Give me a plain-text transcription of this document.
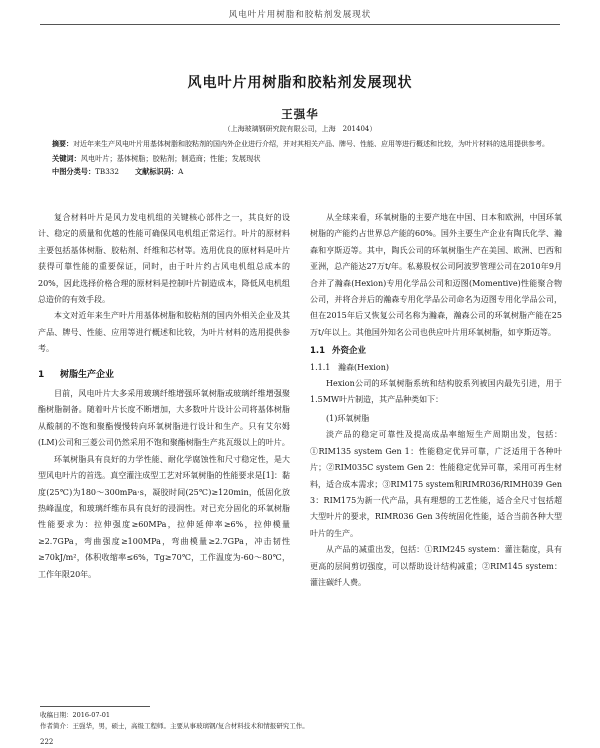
风电叶片用树脂和胶粘剂发展现状
风电叶片用树脂和胶粘剂发展现状
王强华
（上海玻璃钢研究院有限公司，上海　201404）

摘要：对近年来生产风电叶片用基体树脂和胶粘剂的国内外企业进行介绍，并对其相关产品、牌号、性能、应用等进行概述和比较，为叶片材料的选用提供参考。

关键词：风电叶片；基体树脂；胶粘剂；制造商；性能；发展现状

中图分类号：TB332 文献标识码：A

复合材料叶片是风力发电机组的关键核心部件之一，其良好的设计、稳定的质量和优越的性能可确保风电机组正常运行。叶片的原材料主要包括基体树脂、胶粘剂、纤维和芯材等。选用优良的原材料是叶片获得可靠性能的重要保证，同时，由于叶片约占风电机组总成本的20%，因此选择价格合理的原材料是控制叶片制造成本，降低风电机组总造价的有效手段。

本文对近年来生产叶片用基体树脂和胶粘剂的国内外相关企业及其产品、牌号、性能、应用等进行概述和比较，为叶片材料的选用提供参考。

1 树脂生产企业

目前，风电叶片大多采用玻璃纤维增强环氧树脂或玻璃纤维增强聚酯树脂制备。随着叶片长度不断增加，大多数叶片设计公司将基体树脂从酸制的不饱和聚酯慢慢转向环氧树脂进行设计和生产。只有艾尔姆(LM)公司和三菱公司仍然采用不饱和聚酯树脂生产兆瓦级以上的叶片。

环氧树脂具有良好的力学性能、耐化学腐蚀性和尺寸稳定性，是大型风电叶片的首选。真空灌注成型工艺对环氧树脂的性能要求是[1]：黏度(25℃)为180～300mPa·s，凝胶时间(25℃)≥120min，低固化放热峰温度，和玻璃纤维布具有良好的浸润性。对已充分固化的环氧树脂性能要求为：拉伸强度≥60MPa，拉伸延伸率≥6%，拉伸模量≥2.7GPa，弯曲强度≥100MPa，弯曲模量≥2.7GPa，冲击韧性≥70kJ/m²，体积收缩率≤6%，Tg≥70℃，工作温度为-60～80℃，工作年限20年。

从全球来看，环氧树脂的主要产地在中国、日本和欧洲，中国环氧树脂的产能约占世界总产能的60%。国外主要生产企业有陶氏化学、瀚森和亨斯迈等。其中，陶氏公司的环氧树脂生产在美国、欧洲、巴西和亚洲，总产能达27万t/年。私募股权公司阿波罗管理公司在2010年9月合并了瀚森(Hexion)专用化学品公司和迈图(Momentive)性能聚合物公司，并将合并后的瀚森专用化学品公司命名为迈图专用化学品公司，但在2015年后又恢复公司名称为瀚森，瀚森公司的环氧树脂产能在25万t/年以上。其他国外知名公司也供应叶片用环氧树脂，如亨斯迈等。

1.1 外资企业
1.1.1 瀚森(Hexion)

Hexion公司的环氧树脂系统和结构胶系列被国内最先引进，用于1.5MW叶片制造，其产品种类如下：

(1)环氧树脂

淡产品的稳定可靠性及提高成品率缩短生产周期出发，包括：①RIM135 system Gen 1：性能稳定优异可靠，广泛适用于各种叶片；②RIM035C system Gen 2：性能稳定优异可靠，采用可再生材料，适合成本需求；③RIM175 system和RIMR036/RIMH039 Gen 3：RIM175为新一代产品，具有理想的工艺性能，适合全尺寸包括超大型叶片的要求，RIMR036 Gen 3传统固化性能，适合当前各种大型叶片的生产。

从产品的减重出发，包括：①RIM245 system：灌注黏度，具有更高的层间剪切强度，可以帮助设计结构减重；②RIM145 system：灌注碳纤人费。

收稿日期：2016-07-01
作者简介：王强华，男，硕士，高级工程师。主要从事玻璃钢/复合材料技术和情报研究工作。
222
